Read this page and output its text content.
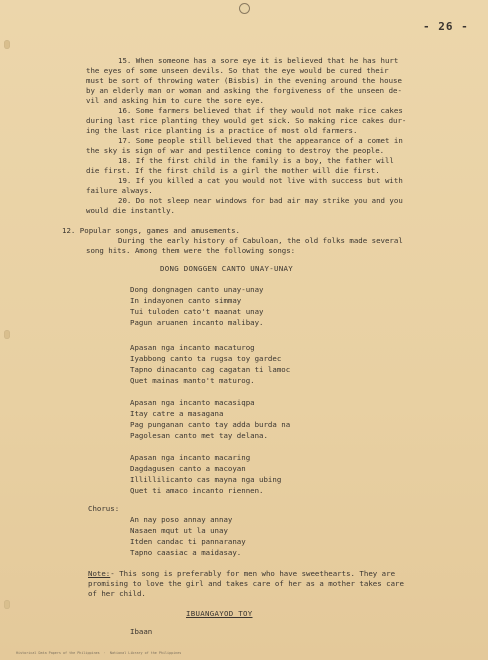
- 26 -
15. When someone has a sore eye it is believed that he has hurt
the eyes of some unseen devils. So that the eye would be cured their
must be sort of throwing water (Bisbis) in the evening around the house
by an elderly man or woman and asking the forgiveness of the unseen de-
vil and asking him to cure the sore eye.
16. Some farmers believed that if they would not make rice cakes
during last rice planting they would get sick. So making rice cakes dur-
ing the last rice planting is a practice of most old farmers.
17. Some people still believed that the appearance of a comet in
the sky is sign of war and pestilence coming to destroy the people.
18. If the first child in the family is a boy, the father will
die first. If the first child is a girl the mother will die first.
19. If you killed a cat you would not live with success but with
failure always.
20. Do not sleep near windows for bad air may strike you and you
would die instantly.
12. Popular songs, games and amusements.
During the early history of Cabuloan, the old folks made several
song hits. Among them were the following songs:
DONG DONGGEN CANTO UNAY-UNAY
Dong dongnagen canto unay-unay
In indayonen canto simmay
Tui tuloden cato't maanat unay
Pagun aruanen incanto malibay.
Apasan nga incanto macaturog
Iyabbong canto ta rugsa toy gardec
Tapno dinacanto cag cagatan ti lamoc
Quet mainas manto't maturog.
Apasan nga incanto macasiqpa
Itay catre a masagana
Pag punganan canto tay adda burda na
Pagolesan canto met tay delana.
Apasan nga incanto macaring
Dagdagusen canto a macoyan
Illillilicanto cas mayna nga ubing
Quet ti amaco incanto riennen.
Chorus:
An nay poso annay annay
Nasaen mqut ut la unay
Itden candac ti pannaranay
Tapno caasiac a maidasay.
Note:- This song is preferably for men who have sweethearts. They are
promising to love the girl and takes care of her as a mother takes care
of her child.
IBUANGAYOD TOY
Ibaan
Historical Data Papers of the Philippines  ·  National Library of the Philippines
